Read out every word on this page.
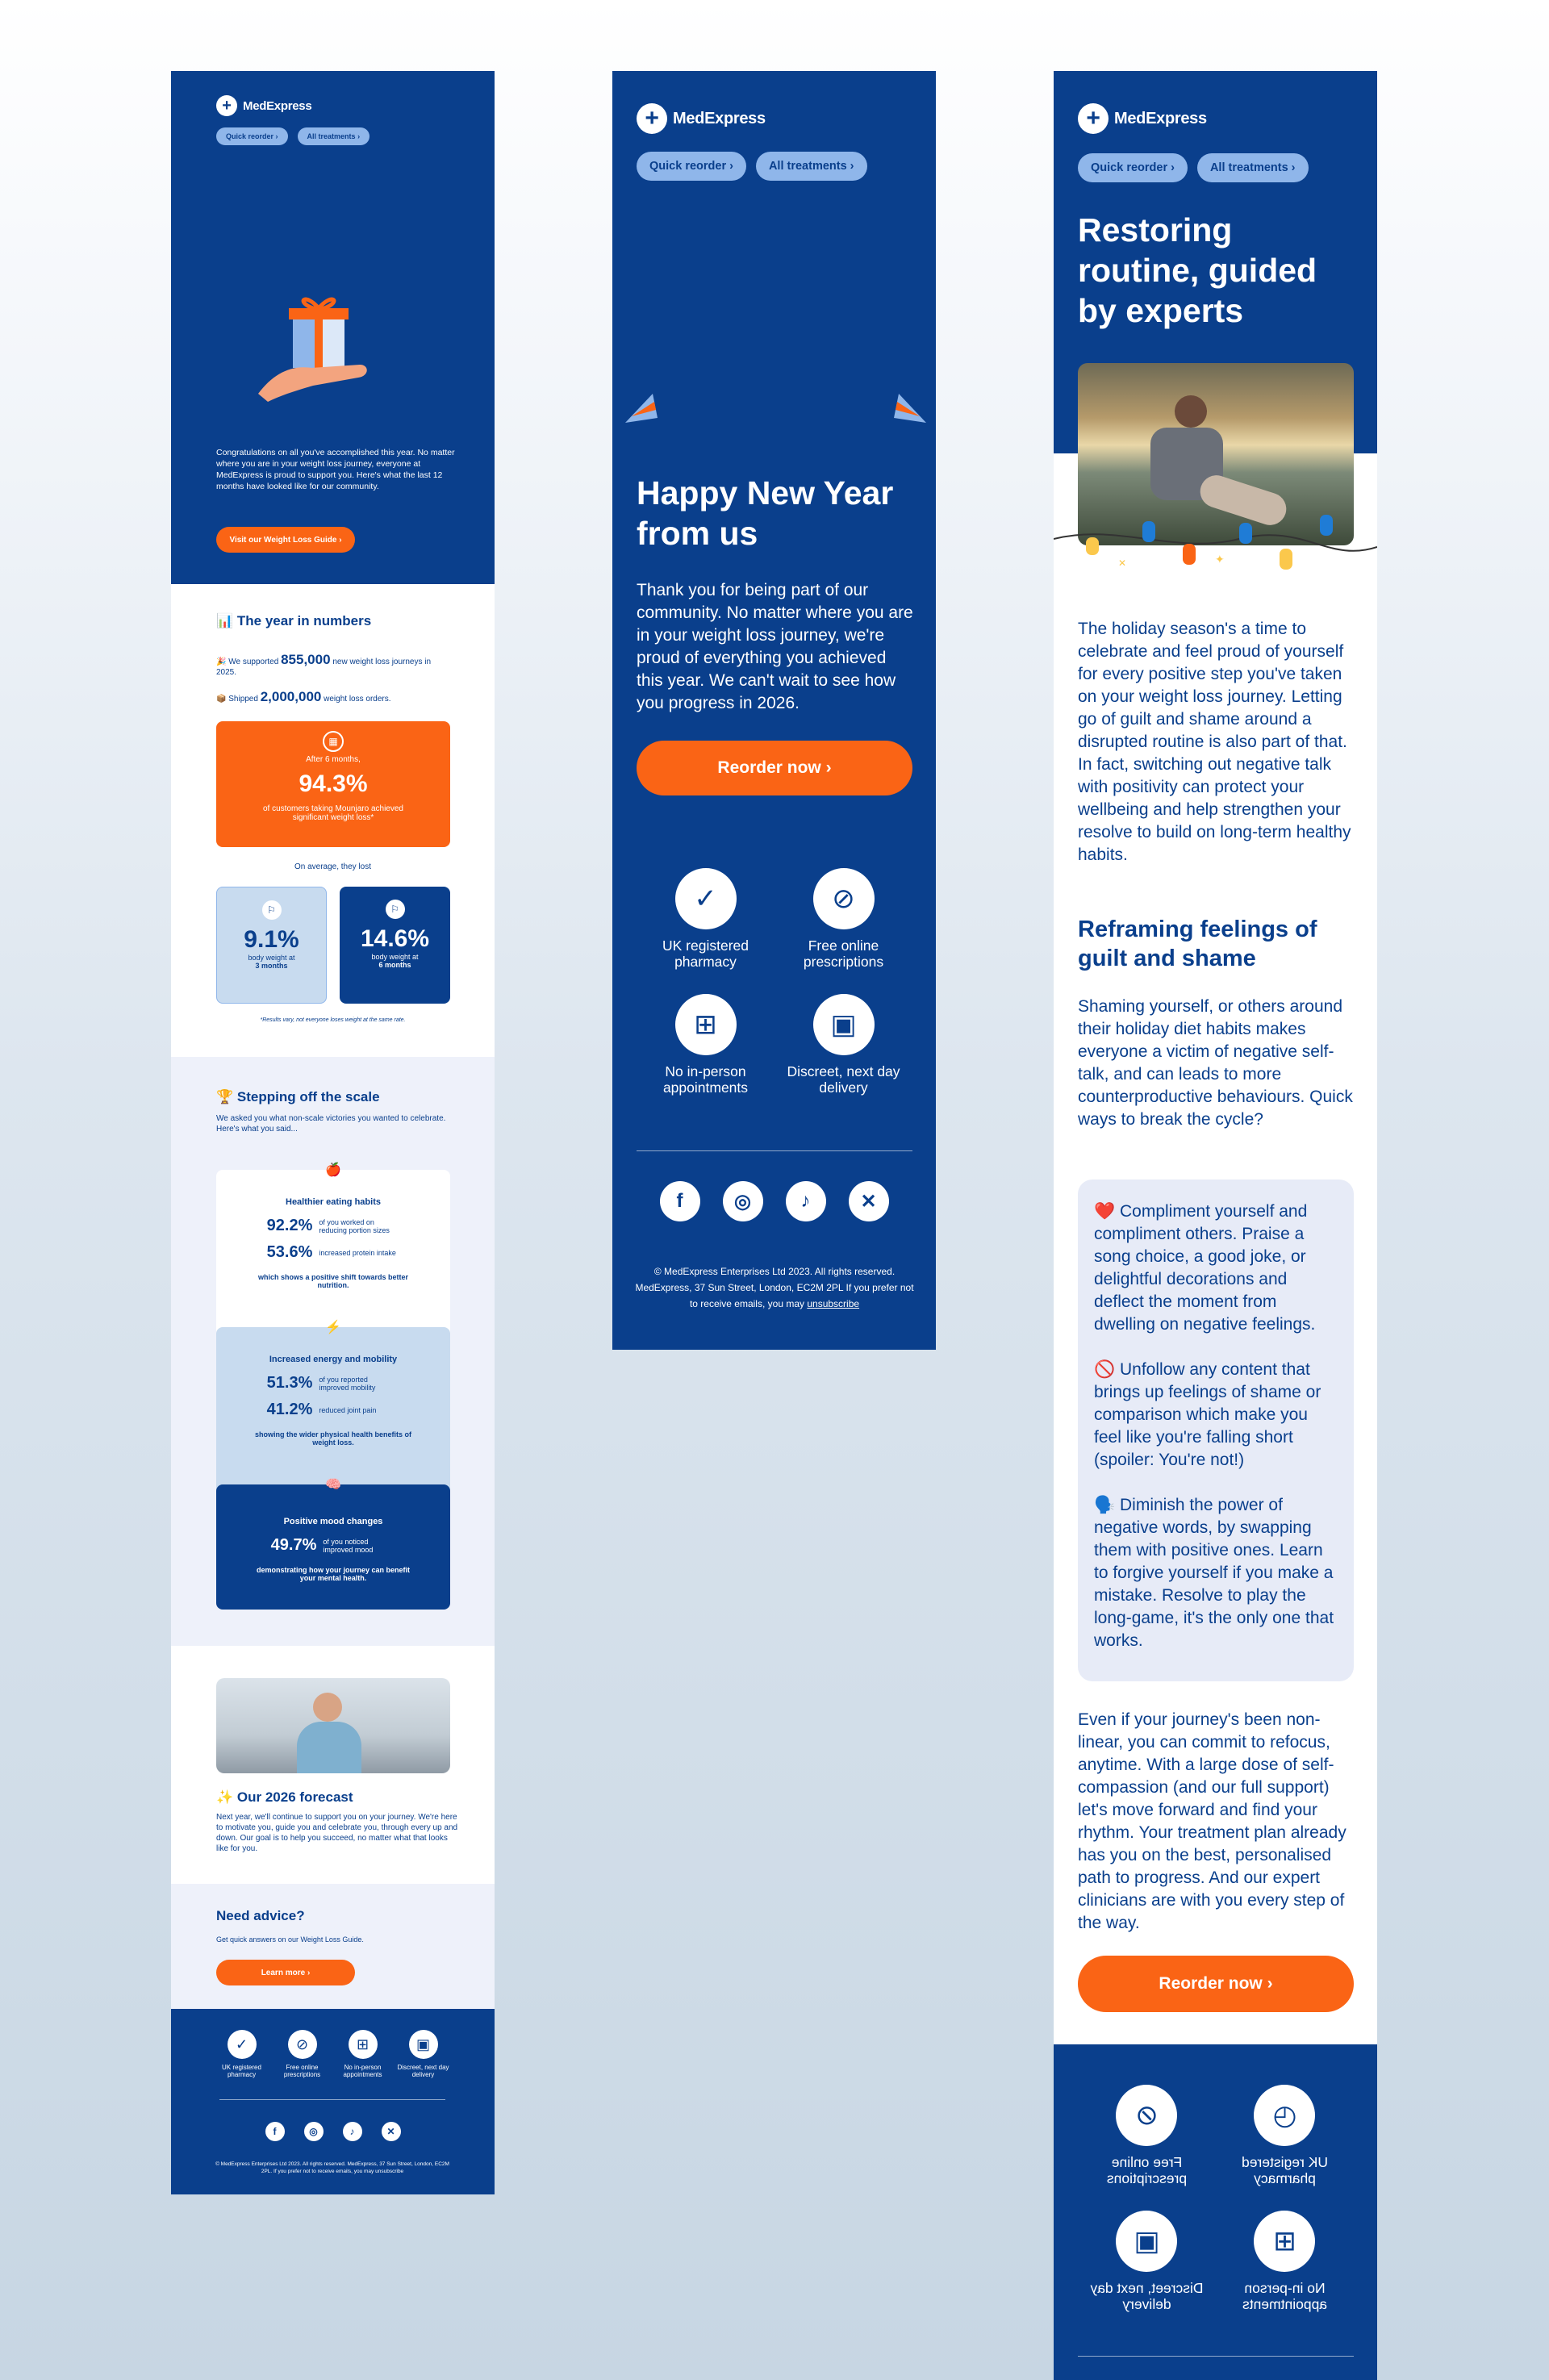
+ MedExpress
Quick reorder ›	All treatments ›

Congratulations on all you've accomplished this year. No matter where you are in your weight loss journey, everyone at MedExpress is proud to support you. Here's what the last 12 months have looked like for our community.

Visit our Weight Loss Guide ›
📊 The year in numbers
🎉 We supported 855,000 new weight loss journeys in 2025.
📦 Shipped 2,000,000 weight loss orders.
▦
After 6 months,
94.3%
of customers taking Mounjaro achieved significant weight loss*
On average, they lost
⚐
9.1%
body weight at
3 months
⚐
14.6%
body weight at
6 months
*Results vary, not everyone loses weight at the same rate.
🏆 Stepping off the scale

We asked you what non-scale victories you wanted to celebrate. Here's what you said...

🍎
Healthier eating habits
92.2% of you worked on reducing portion sizes
53.6% increased protein intake
which shows a positive shift towards better nutrition.
⚡
Increased energy and mobility
51.3% of you reported improved mobility
41.2% reduced joint pain
showing the wider physical health benefits of weight loss.
🧠
Positive mood changes
49.7% of you noticed improved mood
demonstrating how your journey can benefit your mental health.
✨ Our 2026 forecast

Next year, we'll continue to support you on your journey. We're here to motivate you, guide you and celebrate you, through every up and down. Our goal is to help you succeed, no matter what that looks like for you.

Need advice?
Get quick answers on our Weight Loss Guide.
Learn more ›
✓
UK registered pharmacy
⊘
Free online prescriptions
⊞
No in-person appointments
▣
Discreet, next day delivery
f	◎	♪	✕

© MedExpress Enterprises Ltd 2023. All rights reserved. MedExpress, 37 Sun Street, London, EC2M 2PL. If you prefer not to receive emails, you may unsubscribe

+ MedExpress
Quick reorder ›	All treatments ›
Happy New Year from us

Thank you for being part of our community. No matter where you are in your weight loss journey, we're proud of everything you achieved this year. We can't wait to see how you progress in 2026.

Reorder now ›
✓
UK registered pharmacy
⊘
Free online prescriptions
⊞
No in-person appointments
▣
Discreet, next day delivery
f	◎	♪	✕
© MedExpress Enterprises Ltd 2023. All rights reserved.
MedExpress, 37 Sun Street, London, EC2M 2PL If you prefer not to receive emails, you may unsubscribe
+ MedExpress
Quick reorder ›	All treatments ›
Restoring routine, guided by experts
✦
✕

The holiday season's a time to celebrate and feel proud of yourself for every positive step you've taken on your weight loss journey. Letting go of guilt and shame around a disrupted routine is also part of that. In fact, switching out negative talk with positivity can protect your wellbeing and help strengthen your resolve to build on long-term healthy habits.

Reframing feelings of guilt and shame

Shaming yourself, or others around their holiday diet habits makes everyone a victim of negative self-talk, and can leads to more counterproductive behaviours. Quick ways to break the cycle?

❤️ Compliment yourself and compliment others. Praise a song choice, a good joke, or delightful decorations and deflect the moment from dwelling on negative feelings.

🚫 Unfollow any content that brings up feelings of shame or comparison which make you feel like you're falling short (spoiler: You're not!)

🗣️ Diminish the power of negative words, by swapping them with positive ones. Learn to forgive yourself if you make a mistake. Resolve to play the long-game, it's the only one that works.

Even if your journey's been non-linear, you can commit to refocus, anytime. With a large dose of self-compassion (and our full support) let's move forward and find your rhythm. Your treatment plan already has you on the best, personalised path to progress. And our expert clinicians are with you every step of the way.

Reorder now ›
◷
UK registered pharmacy
⊘
Free online prescriptions
⊞
No in-person appointments
▣
Discreet, next day delivery
